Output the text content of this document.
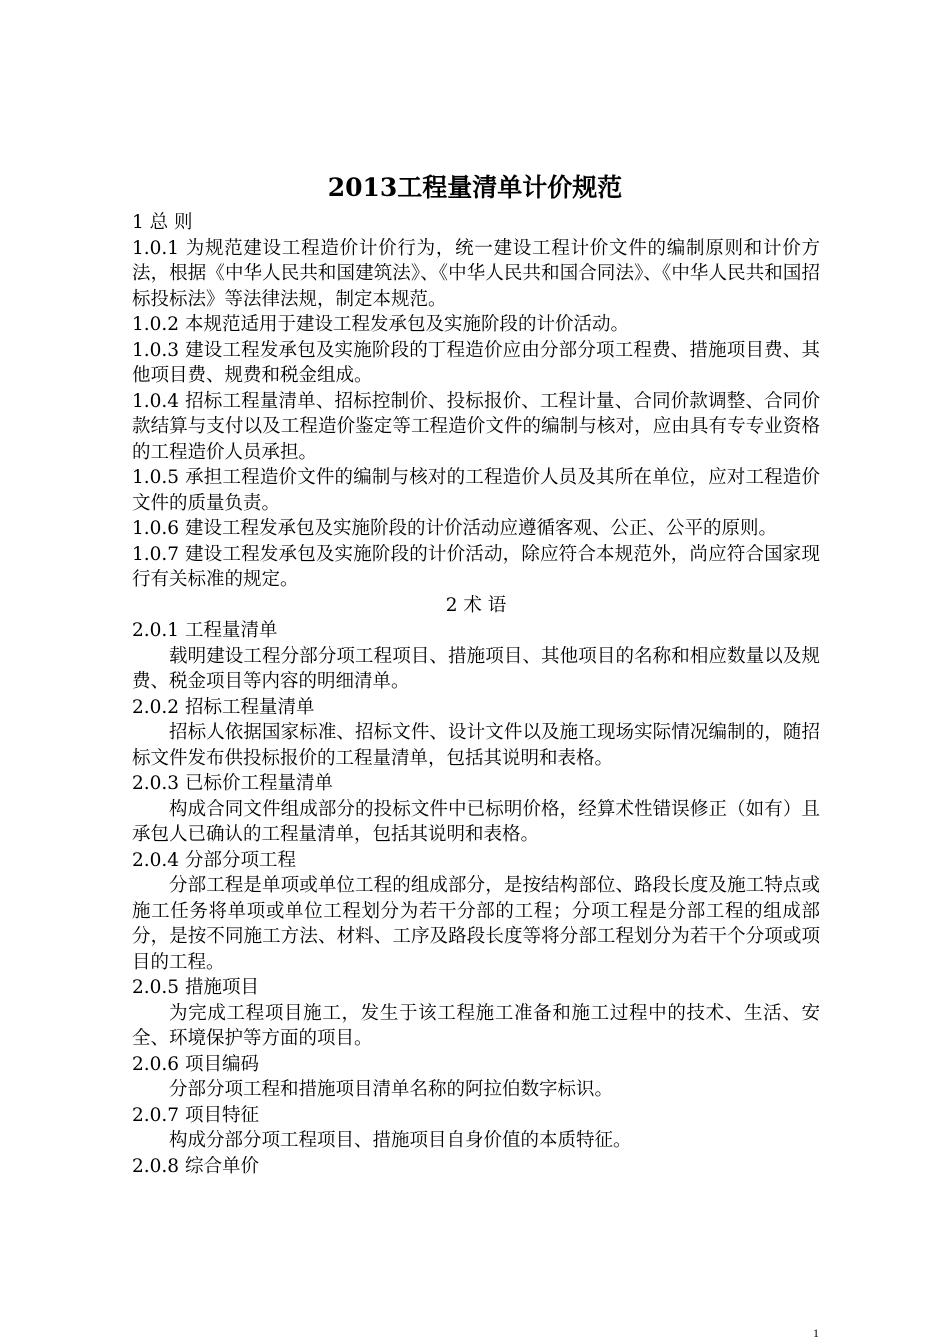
2013工程量清单计价规范

1 总 则

1.0.1 为规范建设工程造价计价行为，统一建设工程计价文件的编制原则和计价方法，根据《中华人民共和国建筑法》、《中华人民共和国合同法》、《中华人民共和国招标投标法》等法律法规，制定本规范。

1.0.2 本规范适用于建设工程发承包及实施阶段的计价活动。

1.0.3 建设工程发承包及实施阶段的丁程造价应由分部分项工程费、措施项目费、其他项目费、规费和税金组成。

1.0.4 招标工程量清单、招标控制价、投标报价、工程计量、合同价款调整、合同价款结算与支付以及工程造价鉴定等工程造价文件的编制与核对，应由具有专专业资格的工程造价人员承担。

1.0.5 承担工程造价文件的编制与核对的工程造价人员及其所在单位，应对工程造价文件的质量负责。

1.0.6 建设工程发承包及实施阶段的计价活动应遵循客观、公正、公平的原则。

1.0.7 建设工程发承包及实施阶段的计价活动，除应符合本规范外，尚应符合国家现行有关标准的规定。

2 术 语

2.0.1 工程量清单

载明建设工程分部分项工程项目、措施项目、其他项目的名称和相应数量以及规费、税金项目等内容的明细清单。

2.0.2 招标工程量清单

招标人依据国家标准、招标文件、设计文件以及施工现场实际情况编制的，随招标文件发布供投标报价的工程量清单，包括其说明和表格。

2.0.3 已标价工程量清单

构成合同文件组成部分的投标文件中已标明价格，经算术性错误修正（如有）且承包人已确认的工程量清单，包括其说明和表格。

2.0.4 分部分项工程

分部工程是单项或单位工程的组成部分，是按结构部位、路段长度及施工特点或施工任务将单项或单位工程划分为若干分部的工程；分项工程是分部工程的组成部分，是按不同施工方法、材料、工序及路段长度等将分部工程划分为若干个分项或项目的工程。

2.0.5 措施项目

为完成工程项目施工，发生于该工程施工准备和施工过程中的技术、生活、安全、环境保护等方面的项目。

2.0.6 项目编码

分部分项工程和措施项目清单名称的阿拉伯数字标识。

2.0.7 项目特征

构成分部分项工程项目、措施项目自身价值的本质特征。

2.0.8 综合单价

1
